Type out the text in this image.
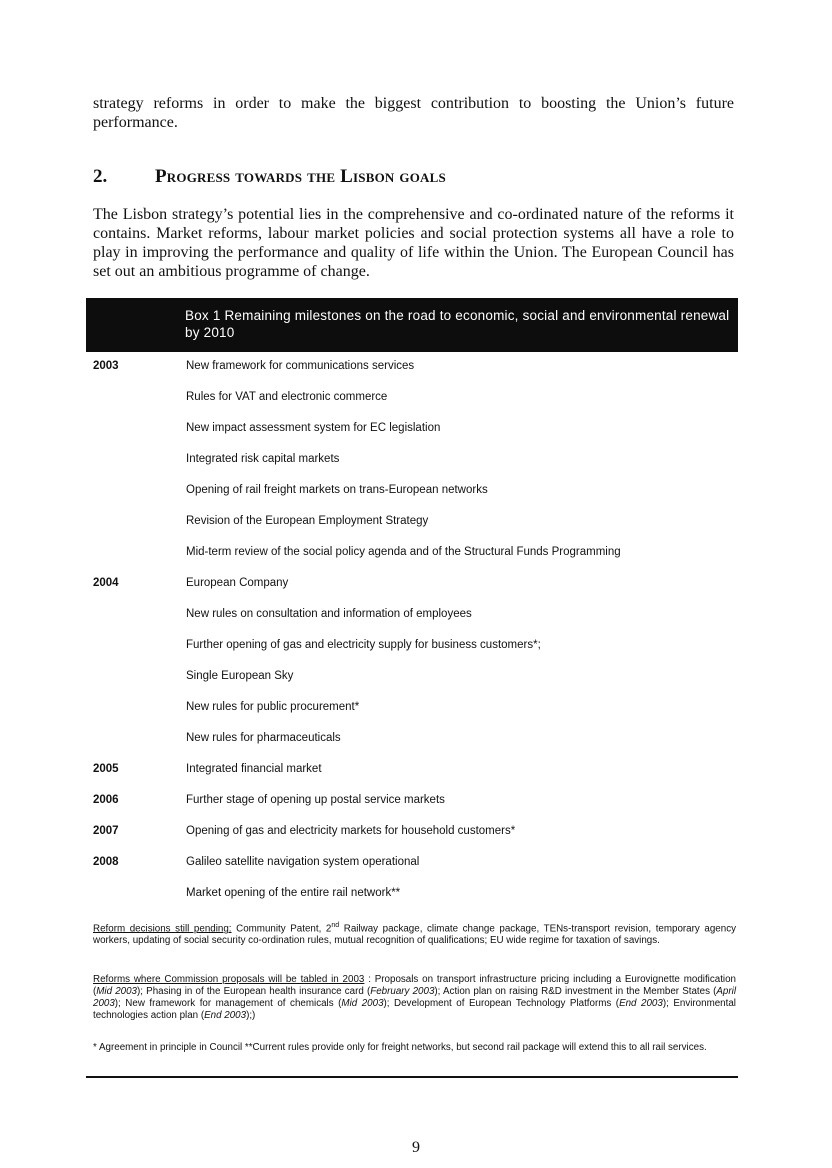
strategy reforms in order to make the biggest contribution to boosting the Union’s future performance.

2.	Progress towards the Lisbon goals

The Lisbon strategy’s potential lies in the comprehensive and co-ordinated nature of the reforms it contains. Market reforms, labour market policies and social protection systems all have a role to play in improving the performance and quality of life within the Union. The European Council has set out an ambitious programme of change.

Box 1 Remaining milestones on the road to economic, social and environmental renewal by 2010
2003	New framework for communications services
Rules for VAT and electronic commerce
New impact assessment system for EC legislation
Integrated risk capital markets
Opening of rail freight markets on trans-European networks
Revision of the European Employment Strategy
Mid-term review of the social policy agenda and of the Structural Funds Programming
2004	European Company
New rules on consultation and information of employees
Further opening of gas and electricity supply for business customers*;
Single European Sky
New rules for public procurement*
New rules for pharmaceuticals
2005	Integrated financial market
2006	Further stage of opening up postal service markets
2007	Opening of gas and electricity markets for household customers*
2008	Galileo satellite navigation system operational
Market opening of the entire rail network**

Reform decisions still pending: Community Patent, 2nd Railway package, climate change package, TENs-transport revision, temporary agency workers, updating of social security co-ordination rules, mutual recognition of qualifications; EU wide regime for taxation of savings.

Reforms where Commission proposals will be tabled in 2003 : Proposals on transport infrastructure pricing including a Eurovignette modification (Mid 2003); Phasing in of the European health insurance card (February 2003); Action plan on raising R&D investment in the Member States (April 2003); New framework for management of chemicals (Mid 2003); Development of European Technology Platforms (End 2003); Environmental technologies action plan (End 2003);)

* Agreement in principle in Council **Current rules provide only for freight networks, but second rail package will extend this to all rail services.

9
